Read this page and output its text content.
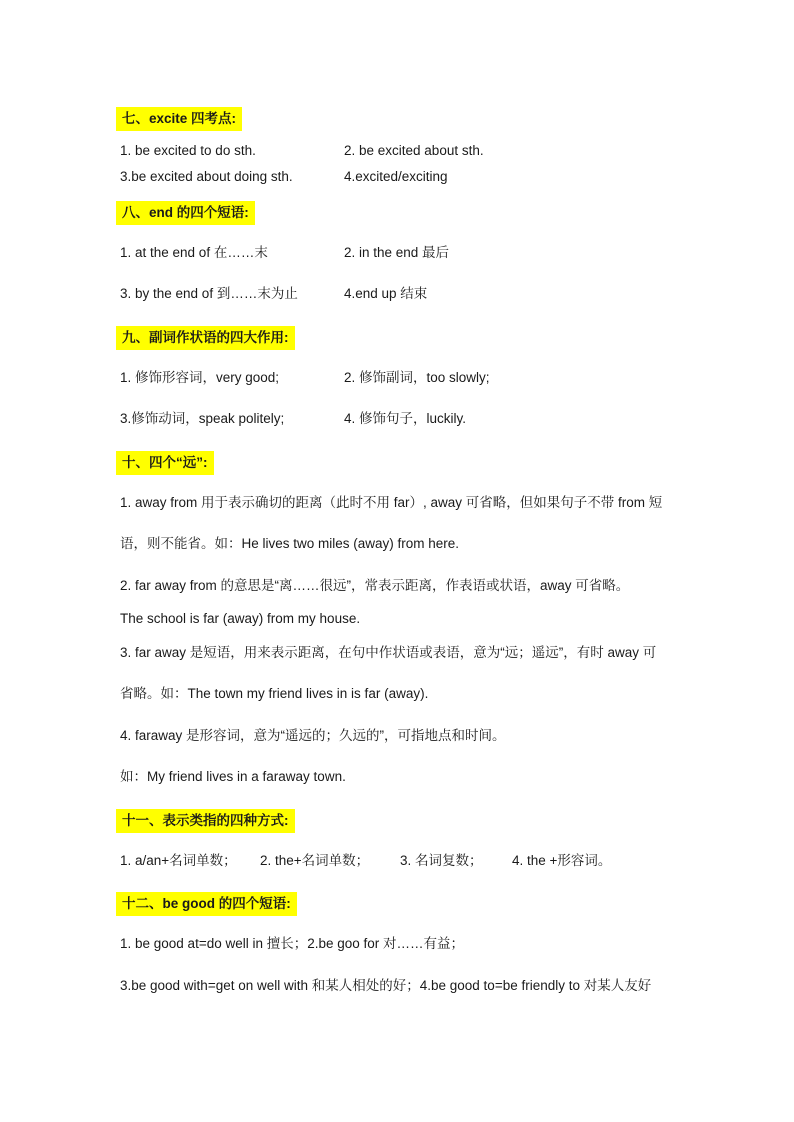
七、excite 四考点:
1. be excited to do sth.	2. be excited about sth.
3.be excited about doing sth.	4.excited/exciting
八、end 的四个短语:
1. at the end of 在……末	2. in the end 最后
3. by the end of 到……末为止	4.end up 结束
九、副词作状语的四大作用:
1. 修饰形容词，very good;	2. 修饰副词，too slowly;
3.修饰动词，speak politely;	4. 修饰句子，luckily.
十、四个“远”:
1. away from 用于表示确切的距离（此时不用 far）, away 可省略，但如果句子不带 from 短
语，则不能省。如：He lives two miles (away) from here.
2. far away from 的意思是“离……很远”，常表示距离，作表语或状语，away 可省略。
The school is far (away) from my house.
3. far away 是短语，用来表示距离，在句中作状语或表语，意为“远；遥远”，有时 away 可
省略。如：The town my friend lives in is far (away).
4. faraway 是形容词，意为“遥远的；久远的”，可指地点和时间。
如：My friend lives in a faraway town.
十一、表示类指的四种方式:
1. a/an+名词单数； 2. the+名词单数； 3. 名词复数； 4. the +形容词。
十二、be good 的四个短语:
1. be good at=do well in 擅长；2.be goo for 对……有益；
3.be good with=get on well with 和某人相处的好；4.be good to=be friendly to 对某人友好
